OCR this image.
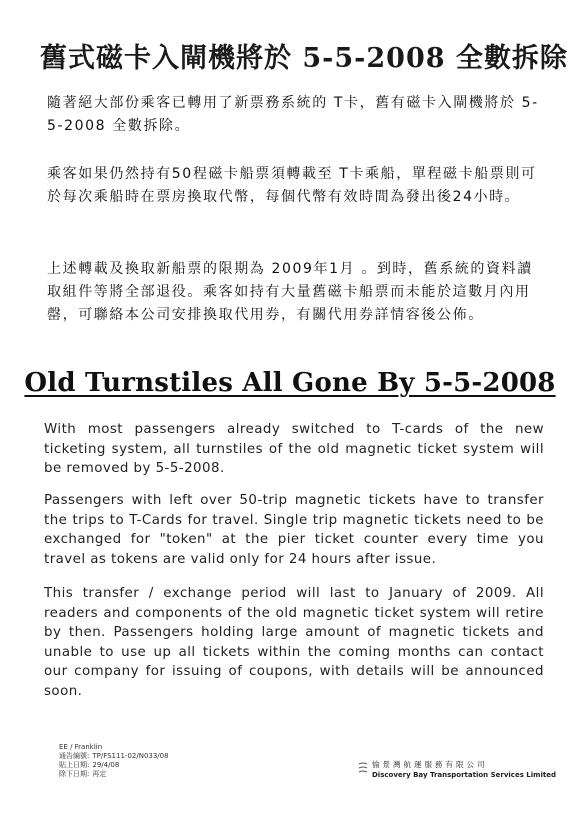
舊式磁卡入閘機將於 5-5-2008 全數拆除
隨著絕大部份乘客已轉用了新票務系統的 T卡，舊有磁卡入閘機將於 5-5-2008 全數拆除。
乘客如果仍然持有50程磁卡船票須轉載至 T卡乘船，單程磁卡船票則可於每次乘船時在票房換取代幣，每個代幣有效時間為發出後24小時。
上述轉載及換取新船票的限期為 2009年1月 。到時，舊系統的資料讀取組件等將全部退役。乘客如持有大量舊磁卡船票而未能於這數月內用罄，可聯絡本公司安排換取代用券，有關代用券詳情容後公佈。
Old Turnstiles All Gone By 5-5-2008
With most passengers already switched to T-cards of the new ticketing system, all turnstiles of the old magnetic ticket system will be removed by 5-5-2008.
Passengers with left over 50-trip magnetic tickets have to transfer the trips to T-Cards for travel. Single trip magnetic tickets need to be exchanged for "token" at the pier ticket counter every time you travel as tokens are valid only for 24 hours after issue.
This transfer / exchange period will last to January of 2009. All readers and components of the old magnetic ticket system will retire by then. Passengers holding large amount of magnetic tickets and unable to use up all tickets within the coming months can contact our company for issuing of coupons, with details will be announced soon.
EE / Franklin
通告編號: TP/FS111-02/N033/08
貼上日期: 29/4/08
除下日期: 再定
愉景灣航運服務有限公司
Discovery Bay Transportation Services Limited
